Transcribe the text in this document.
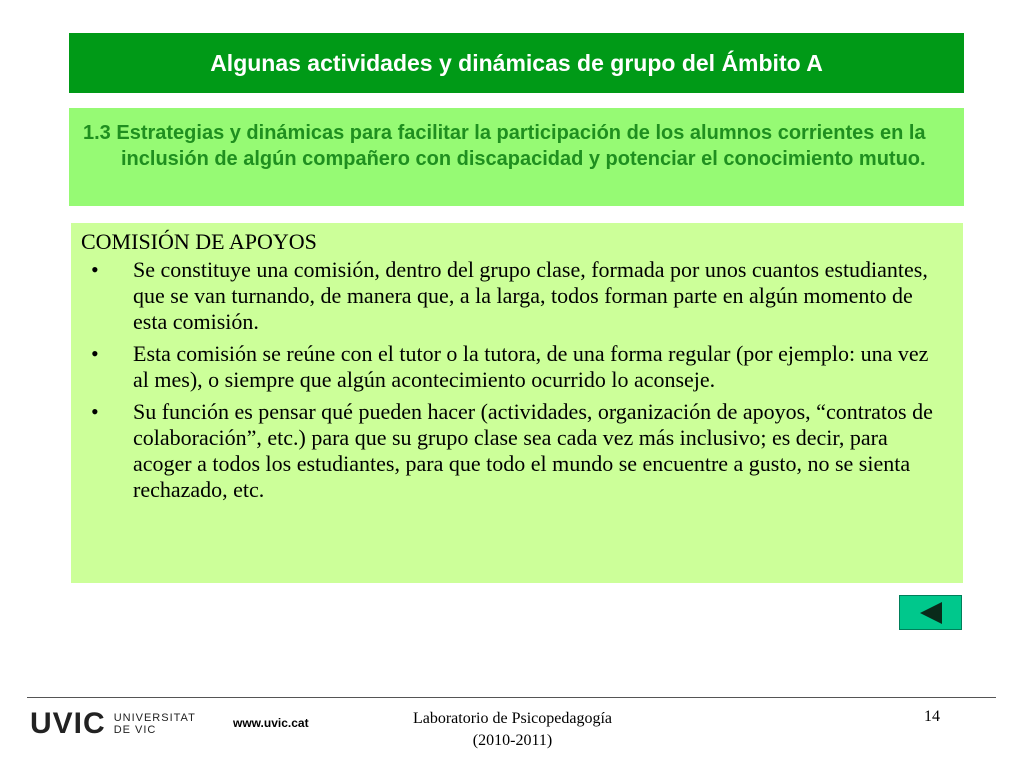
Algunas actividades y dinámicas de grupo del Ámbito A

1.3 Estrategias y dinámicas para facilitar la participación de los alumnos corrientes en la inclusión de algún compañero con discapacidad y potenciar el conocimiento mutuo.

COMISIÓN DE APOYOS

• Se constituye una comisión, dentro del grupo clase, formada por unos cuantos estudiantes, que se van turnando, de manera que, a la larga, todos forman parte en algún momento de esta comisión.
• Esta comisión se reúne con el tutor o la tutora, de una forma regular (por ejemplo: una vez al mes), o siempre que algún acontecimiento ocurrido lo aconseje.
• Su función es pensar qué pueden hacer (actividades, organización de apoyos, “contratos de colaboración”, etc.) para que su grupo clase sea cada vez más inclusivo; es decir, para acoger a todos los estudiantes, para que todo el mundo se encuentre a gusto, no se sienta rechazado, etc.
UVIC UNIVERSITAT
DE VIC	www.uvic.cat	Laboratorio de Psicopedagogía
(2010-2011)
14
